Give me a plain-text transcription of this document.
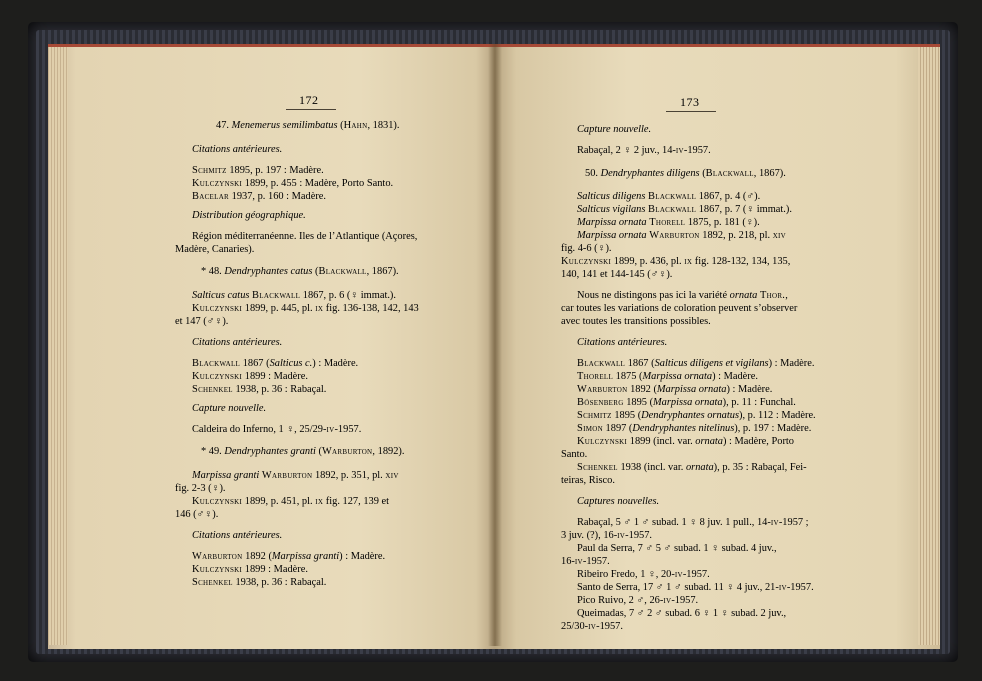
172	173
47. Menemerus semilimbatus (Hahn, 1831).
Citations antérieures.
Schmitz 1895, p. 197 : Madère.
Kulczynski 1899, p. 455 : Madère, Porto Santo.
Bacelar 1937, p. 160 : Madère.
Distribution géographique.
Région méditerranéenne. Iles de l’Atlantique (Açores,
Madère, Canaries).
* 48. Dendryphantes catus (Blackwall, 1867).
Salticus catus Blackwall 1867, p. 6 (♀ immat.).
Kulczynski 1899, p. 445, pl. ix fig. 136-138, 142, 143
et 147 (♂♀).
Citations antérieures.
Blackwall 1867 (Salticus c.) : Madère.
Kulczynski 1899 : Madère.
Schenkel 1938, p. 36 : Rabaçal.
Capture nouvelle.
Caldeira do Inferno, 1 ♀, 25/29-iv-1957.
* 49. Dendryphantes granti (Warburton, 1892).
Marpissa granti Warburton 1892, p. 351, pl. xiv
fig. 2-3 (♀).
Kulczynski 1899, p. 451, pl. ix fig. 127, 139 et
146 (♂♀).
Citations antérieures.
Warburton 1892 (Marpissa granti) : Madère.
Kulczynski 1899 : Madère.
Schenkel 1938, p. 36 : Rabaçal.
Capture nouvelle.
Rabaçal, 2 ♀ 2 juv., 14-iv-1957.
50. Dendryphantes diligens (Blackwall, 1867).
Salticus diligens Blackwall 1867, p. 4 (♂).
Salticus vigilans Blackwall 1867, p. 7 (♀ immat.).
Marpissa ornata Thorell 1875, p. 181 (♀).
Marpissa ornata Warburton 1892, p. 218, pl. xiv
fig. 4-6 (♀).
Kulczynski 1899, p. 436, pl. ix fig. 128-132, 134, 135,
140, 141 et 144-145 (♂♀).
Nous ne distingons pas ici la variété ornata Thor.,
car toutes les variations de coloration peuvent s’observer
avec toutes les transitions possibles.
Citations antérieures.
Blackwall 1867 (Salticus diligens et vigilans) : Madère.
Thorell 1875 (Marpissa ornata) : Madère.
Warburton 1892 (Marpissa ornata) : Madère.
Bösenberg 1895 (Marpissa ornata), p. 11 : Funchal.
Schmitz 1895 (Dendryphantes ornatus), p. 112 : Madère.
Simon 1897 (Dendryphantes nitelinus), p. 197 : Madère.
Kulczynski 1899 (incl. var. ornata) : Madère, Porto
Santo.
Schenkel 1938 (incl. var. ornata), p. 35 : Rabaçal, Fei-
teiras, Risco.
Captures nouvelles.
Rabaçal, 5 ♂ 1 ♂ subad. 1 ♀ 8 juv. 1 pull., 14-iv-1957 ;
3 juv. (?), 16-iv-1957.
Paul da Serra, 7 ♂ 5 ♂ subad. 1 ♀ subad. 4 juv.,
16-iv-1957.
Ribeiro Fredo, 1 ♀, 20-iv-1957.
Santo de Serra, 17 ♂ 1 ♂ subad. 11 ♀ 4 juv., 21-iv-1957.
Pico Ruivo, 2 ♂, 26-iv-1957.
Queimadas, 7 ♂ 2 ♂ subad. 6 ♀ 1 ♀ subad. 2 juv.,
25/30-iv-1957.
